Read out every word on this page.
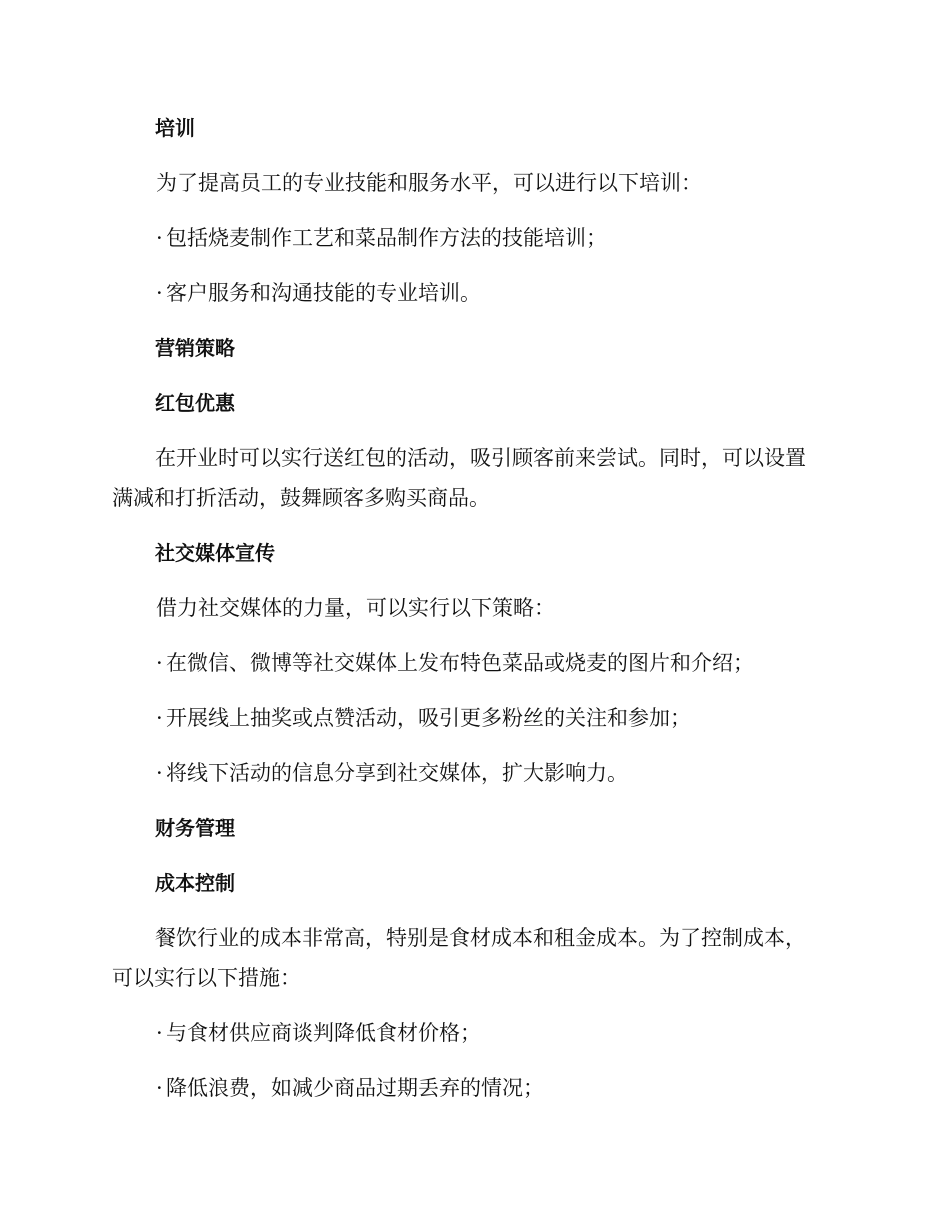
培训
为了提高员工的专业技能和服务水平，可以进行以下培训：
· 包括烧麦制作工艺和菜品制作方法的技能培训；
· 客户服务和沟通技能的专业培训。
营销策略
红包优惠
在开业时可以实行送红包的活动，吸引顾客前来尝试。同时，可以设置
满减和打折活动，鼓舞顾客多购买商品。
社交媒体宣传
借力社交媒体的力量，可以实行以下策略：
· 在微信、微博等社交媒体上发布特色菜品或烧麦的图片和介绍；
· 开展线上抽奖或点赞活动，吸引更多粉丝的关注和参加；
· 将线下活动的信息分享到社交媒体，扩大影响力。
财务管理
成本控制
餐饮行业的成本非常高，特别是食材成本和租金成本。为了控制成本，
可以实行以下措施：
· 与食材供应商谈判降低食材价格；
· 降低浪费，如减少商品过期丢弃的情况；
